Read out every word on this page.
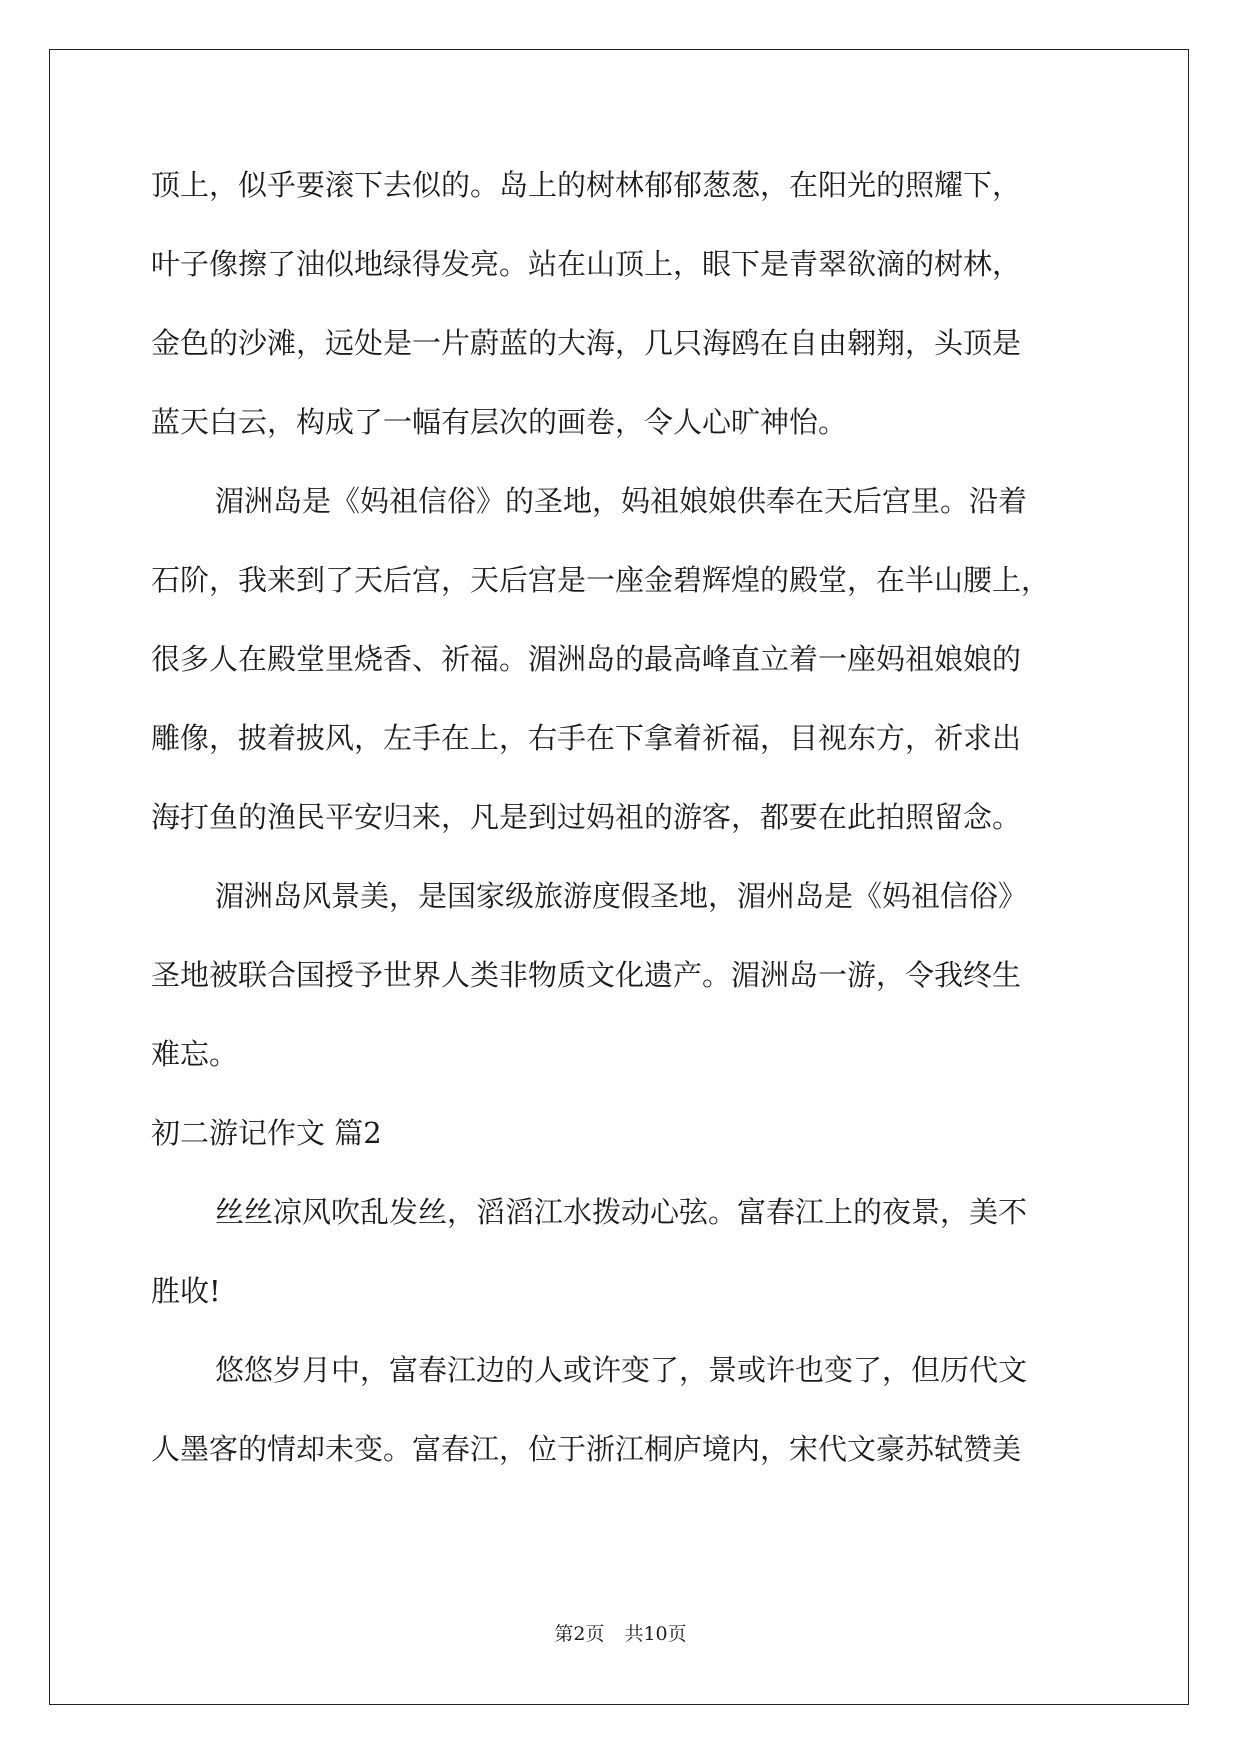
顶上，似乎要滚下去似的。岛上的树林郁郁葱葱，在阳光的照耀下，
叶子像擦了油似地绿得发亮。站在山顶上，眼下是青翠欲滴的树林，
金色的沙滩，远处是一片蔚蓝的大海，几只海鸥在自由翱翔，头顶是
蓝天白云，构成了一幅有层次的画卷，令人心旷神怡。
湄洲岛是《妈祖信俗》的圣地，妈祖娘娘供奉在天后宫里。沿着
石阶，我来到了天后宫，天后宫是一座金碧辉煌的殿堂，在半山腰上，
很多人在殿堂里烧香、祈福。湄洲岛的最高峰直立着一座妈祖娘娘的
雕像，披着披风，左手在上，右手在下拿着祈福，目视东方，祈求出
海打鱼的渔民平安归来，凡是到过妈祖的游客，都要在此拍照留念。
湄洲岛风景美，是国家级旅游度假圣地，湄州岛是《妈祖信俗》
圣地被联合国授予世界人类非物质文化遗产。湄洲岛一游，令我终生
难忘。
初二游记作文 篇2
丝丝凉风吹乱发丝，滔滔江水拨动心弦。富春江上的夜景，美不
胜收!
悠悠岁月中，富春江边的人或许变了，景或许也变了，但历代文
人墨客的情却未变。富春江，位于浙江桐庐境内，宋代文豪苏轼赞美
第2页 共10页
